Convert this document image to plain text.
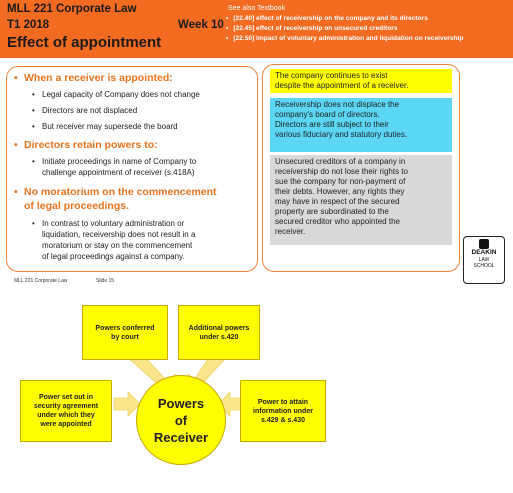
MLL 221 Corporate Law
T1 2018	Week 10
Effect of appointment
See also Textbook
• [22.40] effect of receivership on the company and its directors
• [22.45] effect of receivership on unsecured creditors
• [22.50] impact of voluntary administration and liquidation on receivership
• When a receiver is appointed:
• Legal capacity of Company does not change
• Directors are not displaced
• But receiver may supersede the board
• Directors retain powers to:
• Initiate proceedings in name of Company to
challenge appointment of receiver (s.418A)
• No moratorium on the commencement
of legal proceedings.
• In contrast to voluntary administration or
liquidation, receivership does not result in a
moratorium or stay on the commencement
of legal proceedings against a company.
The company continues to exist
despite the appointment of a receiver.
Receivership does not displace the
company's board of directors.
Directors are still subject to their
various fiduciary and statutory duties.
Unsecured creditors of a company in
receivership do not lose their rights to
sue the company for non-payment of
their debts. However, any rights they
may have in respect of the secured
property are subordinated to the
secured creditor who appointed the
receiver.
DEAKIN
LAW
SCHOOL
MLL 221 Corporate Law	Slide 15
Powers conferred
by court
Additional powers
under s.420
Power set out in
security agreement
under which they
were appointed
Power to attain
information under
s.429 & s.430
Powers
of
Receiver
